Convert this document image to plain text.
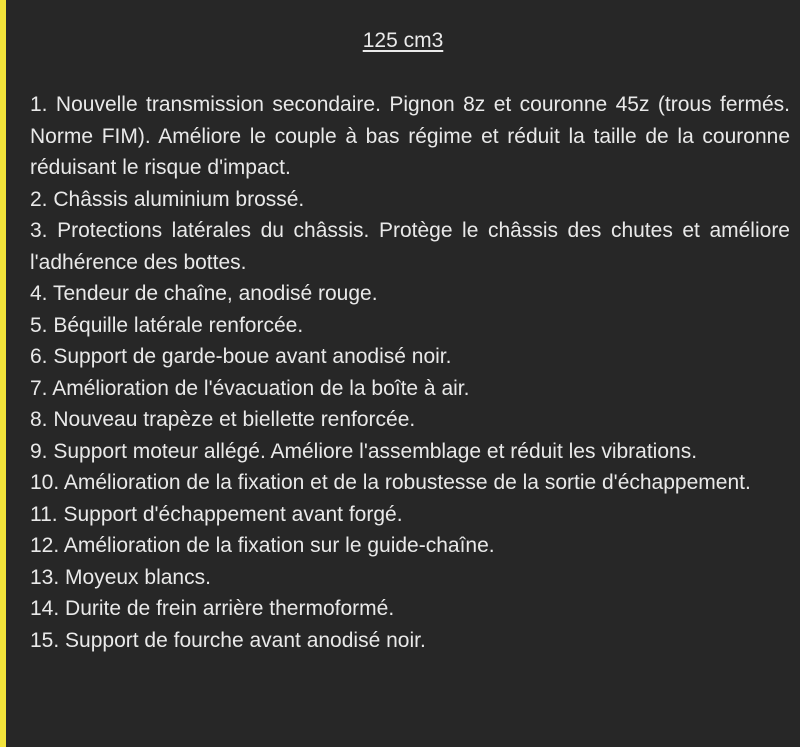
125 cm3
1. Nouvelle transmission secondaire. Pignon 8z et couronne 45z (trous fermés. Norme FIM). Améliore le couple à bas régime et réduit la taille de la couronne réduisant le risque d'impact.
2. Châssis aluminium brossé.
3. Protections latérales du châssis. Protège le châssis des chutes et améliore l'adhérence des bottes.
4. Tendeur de chaîne, anodisé rouge.
5. Béquille latérale renforcée.
6. Support de garde-boue avant anodisé noir.
7. Amélioration de l'évacuation de la boîte à air.
8. Nouveau trapèze et biellette renforcée.
9. Support moteur allégé. Améliore l'assemblage et réduit les vibrations.
10. Amélioration de la fixation et de la robustesse de la sortie d'échappement.
11. Support d'échappement avant forgé.
12. Amélioration de la fixation sur le guide-chaîne.
13. Moyeux blancs.
14. Durite de frein arrière thermoformé.
15. Support de fourche avant anodisé noir.
